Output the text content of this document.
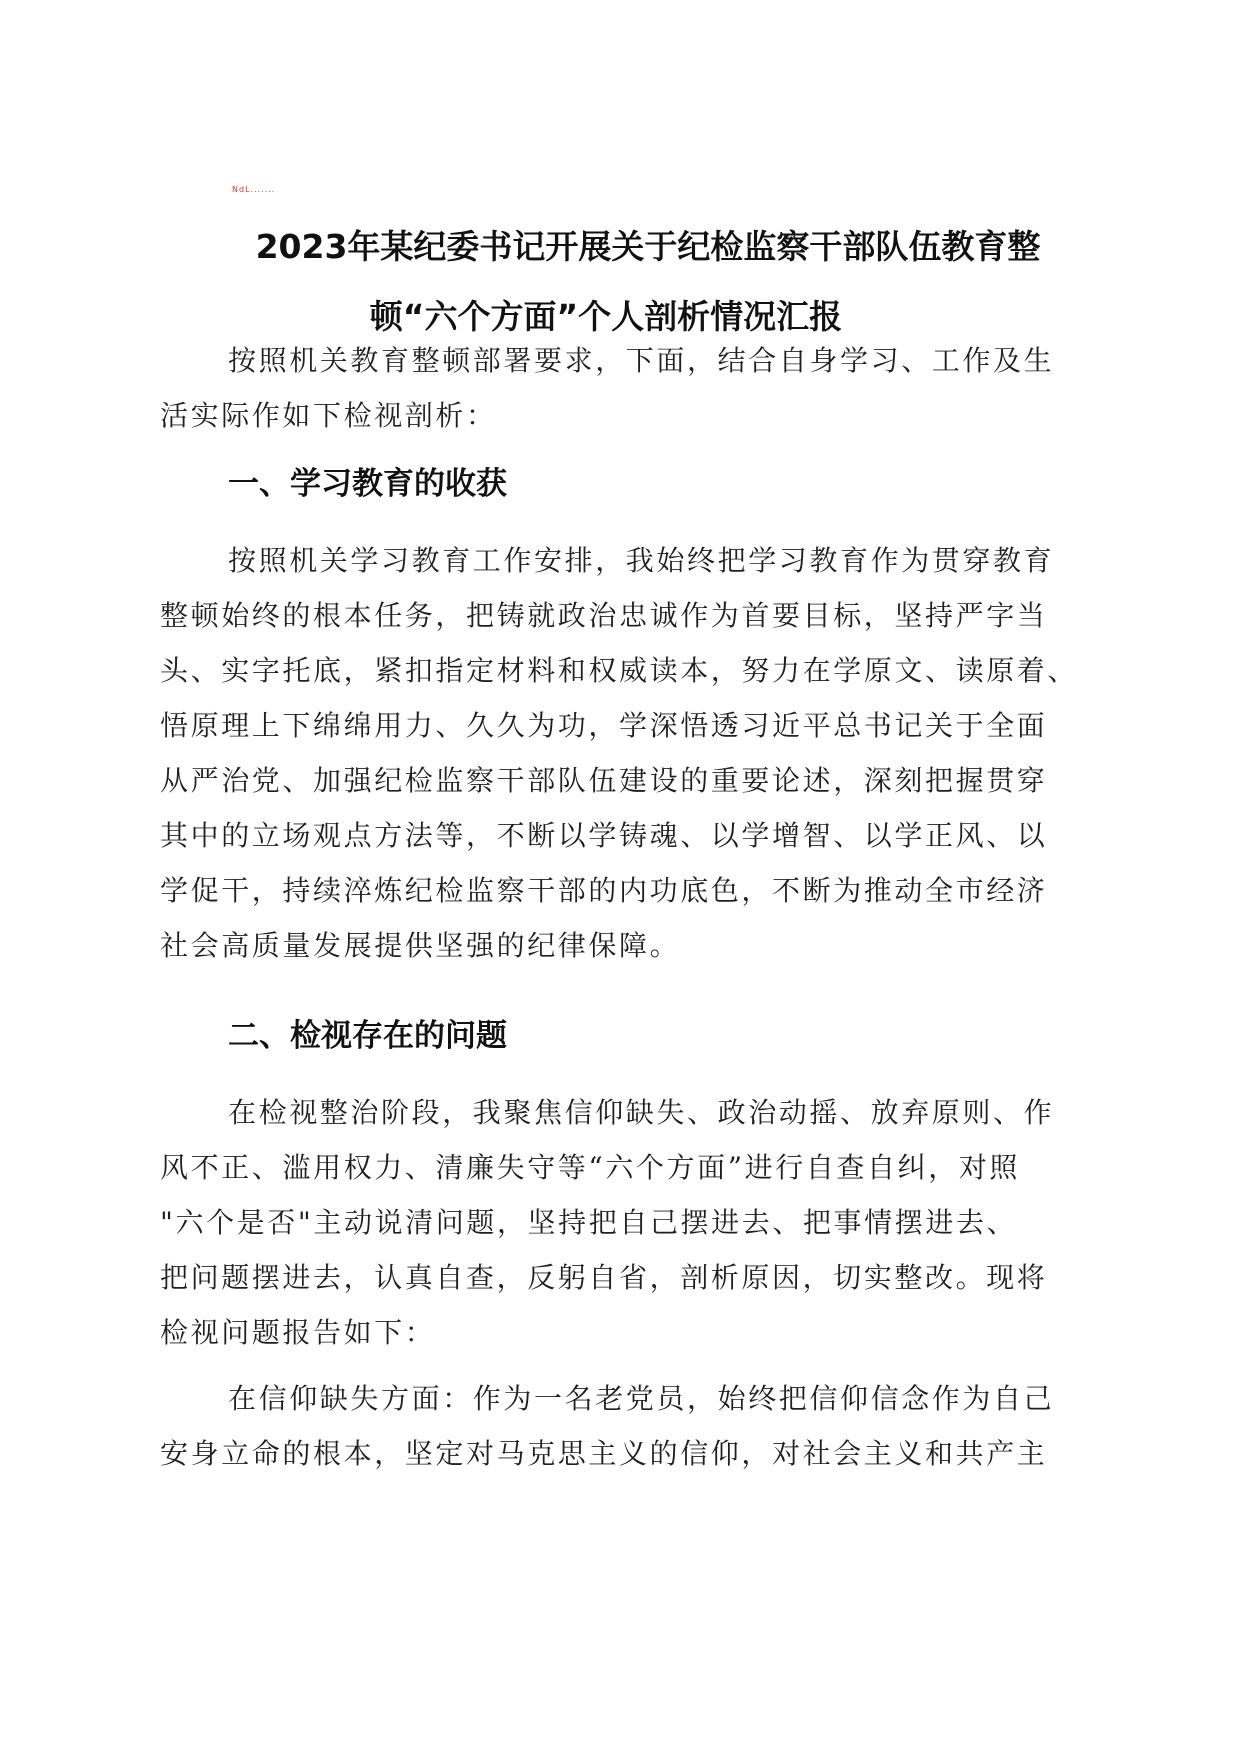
NdL.......
2023年某纪委书记开展关于纪检监察干部队伍教育整
顿“六个方面”个人剖析情况汇报
按照机关教育整顿部署要求，下面，结合自身学习、工作及生
活实际作如下检视剖析：
一、学习教育的收获
按照机关学习教育工作安排，我始终把学习教育作为贯穿教育
整顿始终的根本任务，把铸就政治忠诚作为首要目标，坚持严字当
头、实字托底，紧扣指定材料和权威读本，努力在学原文、读原着、
悟原理上下绵绵用力、久久为功，学深悟透习近平总书记关于全面
从严治党、加强纪检监察干部队伍建设的重要论述，深刻把握贯穿
其中的立场观点方法等，不断以学铸魂、以学增智、以学正风、以
学促干，持续淬炼纪检监察干部的内功底色，不断为推动全市经济
社会高质量发展提供坚强的纪律保障。
二、检视存在的问题
在检视整治阶段，我聚焦信仰缺失、政治动摇、放弃原则、作
风不正、滥用权力、清廉失守等“六个方面”进行自查自纠，对照
"六个是否"主动说清问题，坚持把自己摆进去、把事情摆进去、
把问题摆进去，认真自查，反躬自省，剖析原因，切实整改。现将
检视问题报告如下：
在信仰缺失方面：作为一名老党员，始终把信仰信念作为自己
安身立命的根本，坚定对马克思主义的信仰，对社会主义和共产主
